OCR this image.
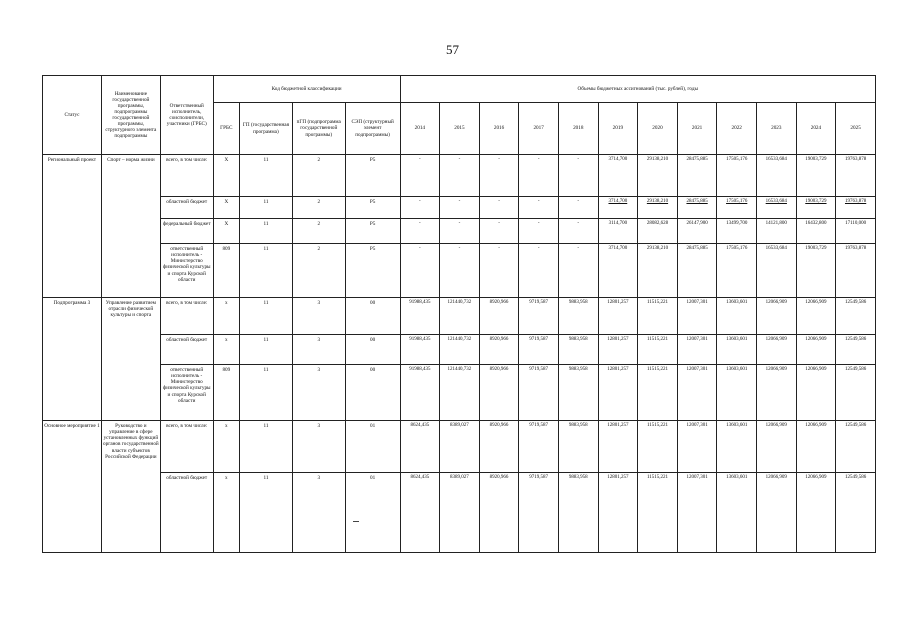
57
Статус	Наименование государственной программы, подпрограммы государственной программы, структурного элемента подпрограммы	Ответственный исполнитель, соисполнители, участники (ГРБС)	Код бюджетной классификации				Объемы бюджетных ассигнований (тыс. рублей), годы											
			ГРБС	ГП (государственная программа)	пГП (подпрограмма государственной программы)	СЭП (структурный элемент подпрограммы)	2014	2015	2016	2017	2018	2019	2020	2021	2022	2023	2024	2025
Региональный проект	Спорт – норма жизни	всего, в том числе:	Х	11	2	Р5	-	-	-	-	-	3714,700	29138,210	28475,885	17505,176	16533,684	19003,729	19763,878
		областной бюджет	Х	11	2	Р5	-	-	-	-	-	3714,700	29138,210	28475,885	17505,176	16533,684	19003,729	19763,878
		федеральный бюджет	Х	11	2	Р5	-	-	-	-	-	3114,700	28082,628	26147,900	13499,700	14121,800	16432,800	17110,000
		ответственный исполнитель - Министерство физической культуры и спорта Курской области	809	11	2	Р5	-	-	-	-	-	3714,700	29138,210	28475,885	17505,176	16533,684	19003,729	19763,878
Подпрограмма 3	Управление развитием отрасли физической культуры и спорта	всего, в том числе:	х	11	3	00	91988,435	121440,732	8920,966	9719,587	9883,958	12801,257	11515,221	12007,301	13603,601	12066,909	12066,909	12549,586
		областной бюджет	х	11	3	00	91988,435	121440,732	8920,966	9719,587	9883,958	12801,257	11515,221	12007,301	13603,601	12066,909	12066,909	12549,586
		ответственный исполнитель - Министерство физической культуры и спорта Курской области	809	11	3	00	91988,435	121440,732	8920,966	9719,587	9883,958	12801,257	11515,221	12007,301	13603,601	12066,909	12066,909	12549,586
Основное мероприятие 1	Руководство и управление в сфере установленных функций органов государственной власти субъектов Российской Федерации	всего, в том числе:	х	11	3	01	8624,435	8389,027	8920,966	9719,587	9883,958	12801,257	11515,221	12007,301	13603,601	12066,909	12066,909	12549,586
		областной бюджет	х	11	3	01	8624,435	8389,027	8920,966	9719,587	9883,958	12801,257	11515,221	12007,301	13603,601	12066,909	12066,909	12549,586
